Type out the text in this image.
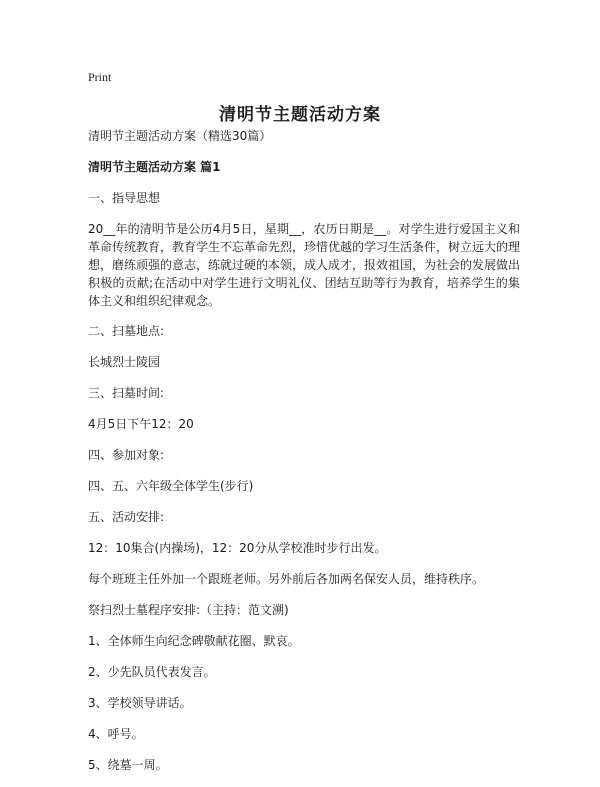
Print
清明节主题活动方案

清明节主题活动方案（精选30篇）

清明节主题活动方案 篇1

一、指导思想

20__年的清明节是公历4月5日，星期__，农历日期是__。对学生进行爱国主义和革命传统教育，教育学生不忘革命先烈，珍惜优越的学习生活条件，树立远大的理想，磨练顽强的意志，练就过硬的本领，成人成才，报效祖国，为社会的发展做出积极的贡献;在活动中对学生进行文明礼仪、团结互助等行为教育，培养学生的集体主义和组织纪律观念。

二、扫墓地点:

长城烈士陵园

三、扫墓时间:

4月5日下午12：20

四、参加对象:

四、五、六年级全体学生(步行)

五、活动安排:

12：10集合(内操场)，12：20分从学校准时步行出发。

每个班班主任外加一个跟班老师。另外前后各加两名保安人员，维持秩序。

祭扫烈士墓程序安排:（主持：范文溯)

1、全体师生向纪念碑敬献花圈、默哀。

2、少先队员代表发言。

3、学校领导讲话。

4、呼号。

5、绕墓一周。
